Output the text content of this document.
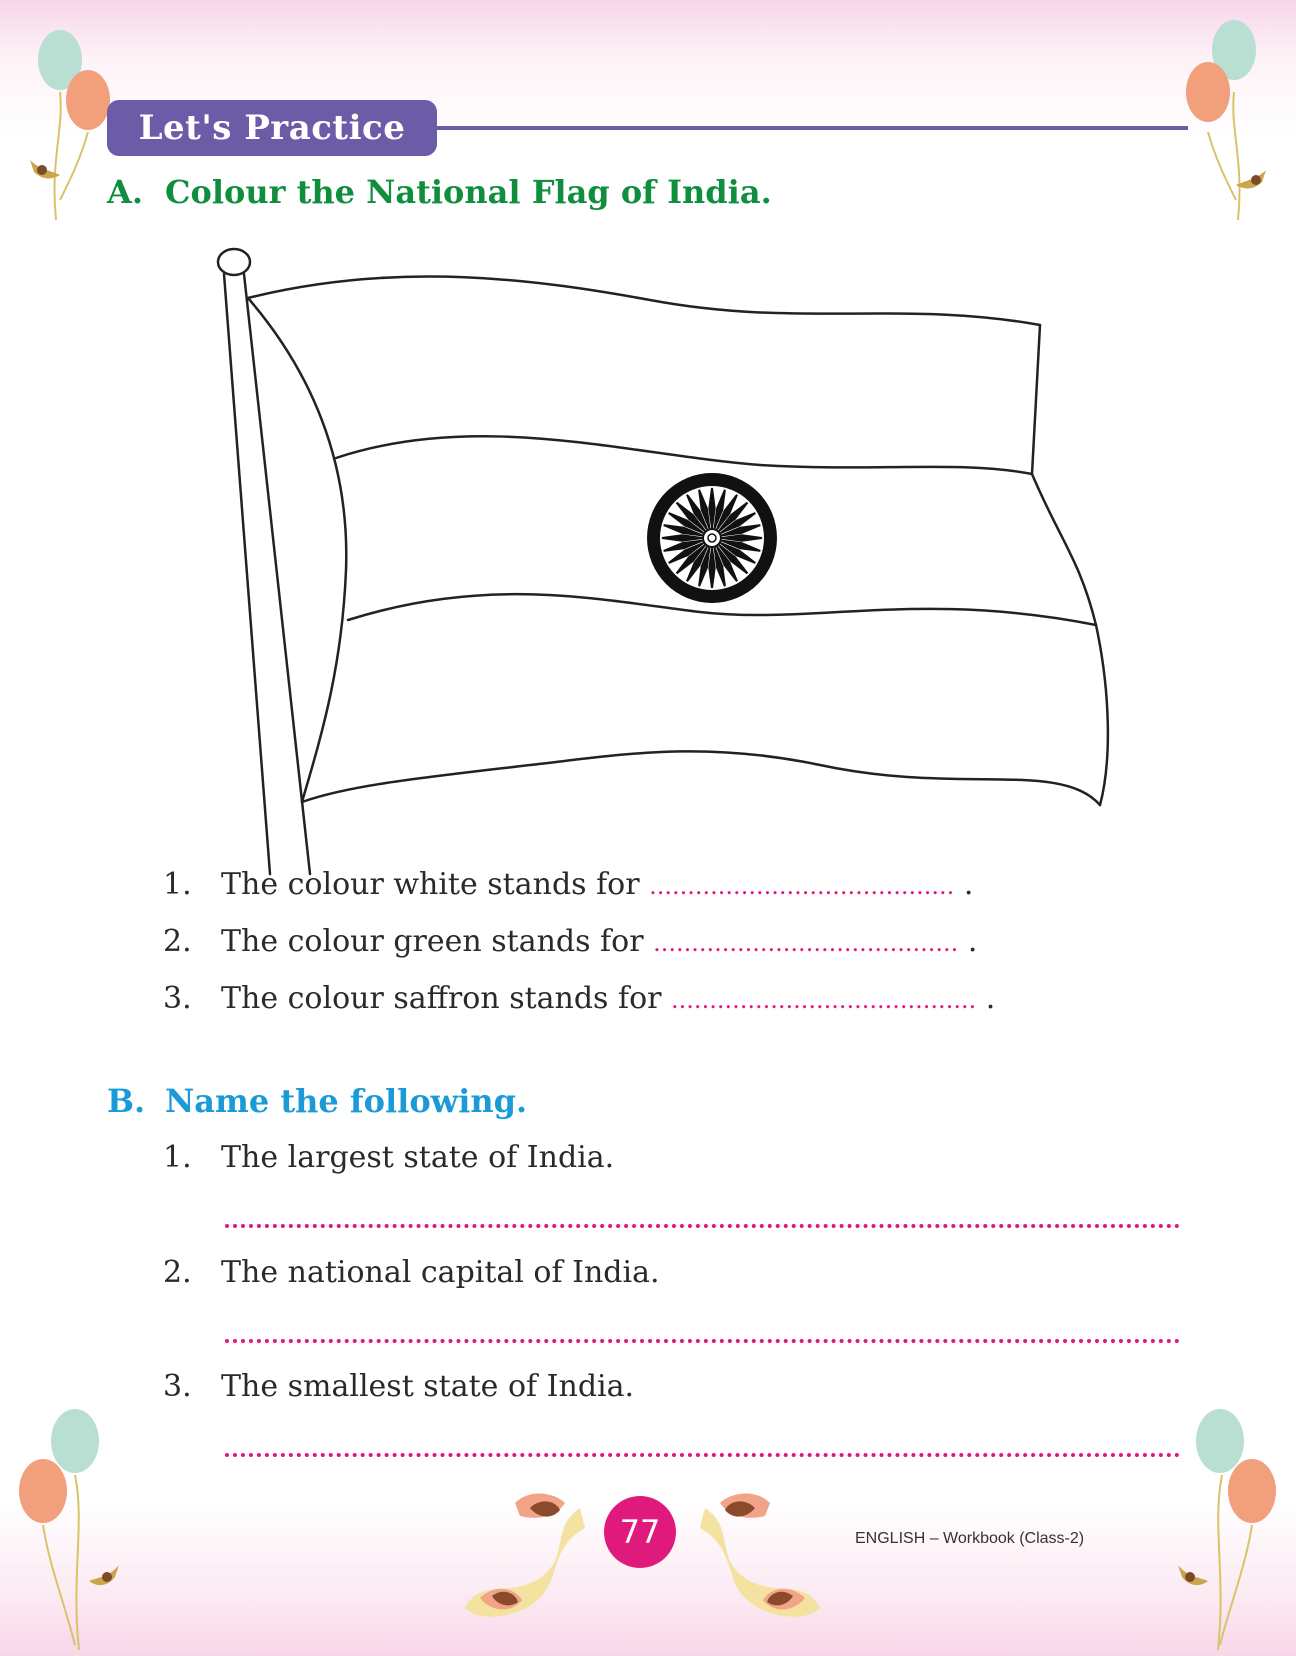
Let's Practice
A. Colour the National Flag of India.
1. The colour white stands for ........................................ .
2. The colour green stands for ........................................ .
3. The colour saffron stands for ........................................ .
B. Name the following.
1. The largest state of India.
2. The national capital of India.
3. The smallest state of India.
77	ENGLISH – Workbook (Class-2)
